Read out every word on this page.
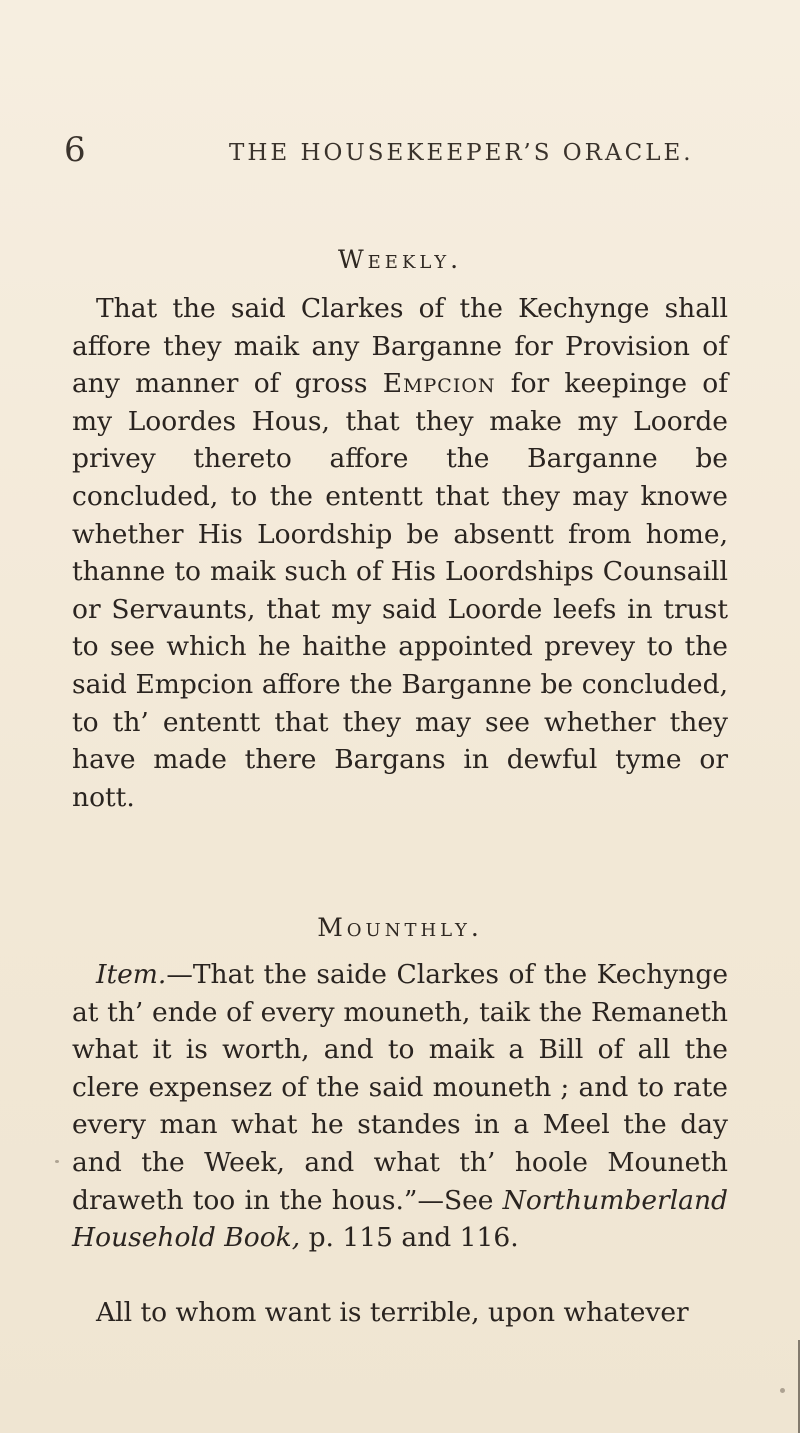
6	THE HOUSEKEEPER’S ORACLE.
Weekly.
That the said Clarkes of the Kechynge shall affore they maik any Barganne for Provision of any manner of gross Empcion for keepinge of my Loordes Hous, that they make my Loorde privey thereto affore the Barganne be concluded, to the ententt that they may knowe whether His Loordship be absentt from home, thanne to maik such of His Loordships Counsaill or Servaunts, that my said Loorde leefs in trust to see which he haithe appointed prevey to the said Empcion affore the Barganne be concluded, to th’ ententt that they may see whether they have made there Bargans in dewful tyme or nott.
Mounthly.
Item.—That the saide Clarkes of the Kechynge at th’ ende of every mouneth, taik the Remaneth what it is worth, and to maik a Bill of all the clere expensez of the said mouneth ; and to rate every man what he standes in a Meel the day and the Week, and what th’ hoole Mouneth draweth too in the hous.”—See Northumberland Household Book, p. 115 and 116.
All to whom want is terrible, upon whatever
